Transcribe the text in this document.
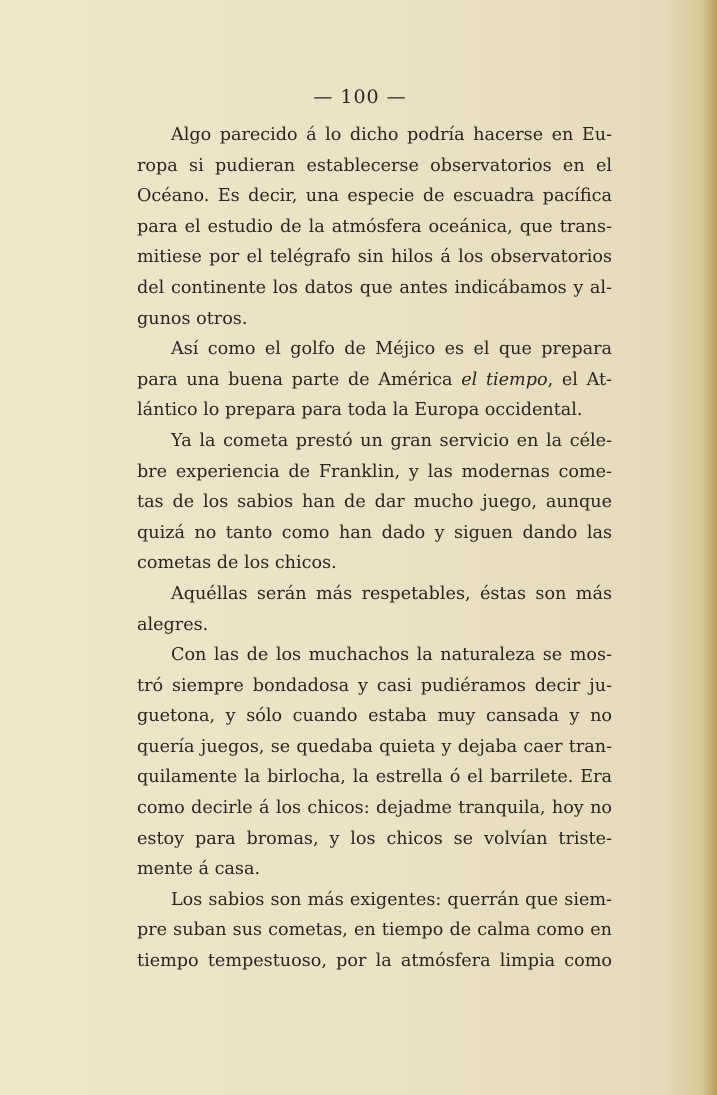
— 100 —
Algo parecido á lo dicho podría hacerse en Eu-
ropa si pudieran establecerse observatorios en el
Océano. Es decir, una especie de escuadra pacífica
para el estudio de la atmósfera oceánica, que trans-
mitiese por el telégrafo sin hilos á los observatorios
del continente los datos que antes indicábamos y al-
gunos otros.
Así como el golfo de Méjico es el que prepara
para una buena parte de América el tiempo, el At-
lántico lo prepara para toda la Europa occidental.
Ya la cometa prestó un gran servicio en la céle-
bre experiencia de Franklin, y las modernas come-
tas de los sabios han de dar mucho juego, aunque
quizá no tanto como han dado y siguen dando las
cometas de los chicos.
Aquéllas serán más respetables, éstas son más
alegres.
Con las de los muchachos la naturaleza se mos-
tró siempre bondadosa y casi pudiéramos decir ju-
guetona, y sólo cuando estaba muy cansada y no
quería juegos, se quedaba quieta y dejaba caer tran-
quilamente la birlocha, la estrella ó el barrilete. Era
como decirle á los chicos: dejadme tranquila, hoy no
estoy para bromas, y los chicos se volvían triste-
mente á casa.
Los sabios son más exigentes: querrán que siem-
pre suban sus cometas, en tiempo de calma como en
tiempo tempestuoso, por la atmósfera limpia como
